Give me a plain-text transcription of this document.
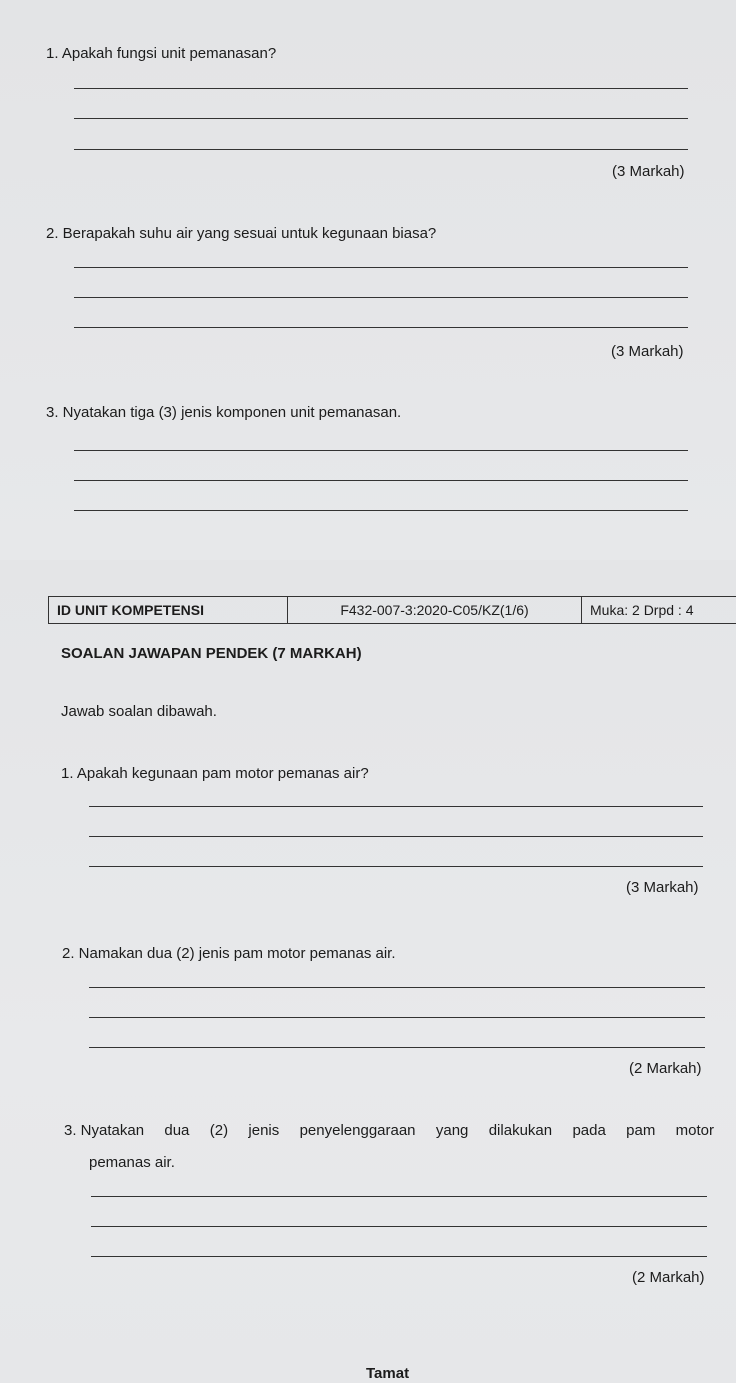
1. Apakah fungsi unit pemanasan?
(3 Markah)
2. Berapakah suhu air yang sesuai untuk kegunaan biasa?
(3 Markah)
3. Nyatakan tiga (3) jenis komponen unit pemanasan.
ID UNIT KOMPETENSI	F432-007-3:2020-C05/KZ(1/6)	Muka: 2 Drpd : 4
SOALAN JAWAPAN PENDEK (7 MARKAH)
Jawab soalan dibawah.
1. Apakah kegunaan pam motor pemanas air?
(3 Markah)
2. Namakan dua (2) jenis pam motor pemanas air.
(2 Markah)
3. Nyatakan dua (2) jenis penyelenggaraan yang dilakukan pada pam motor
pemanas air.
(2 Markah)
Tamat
